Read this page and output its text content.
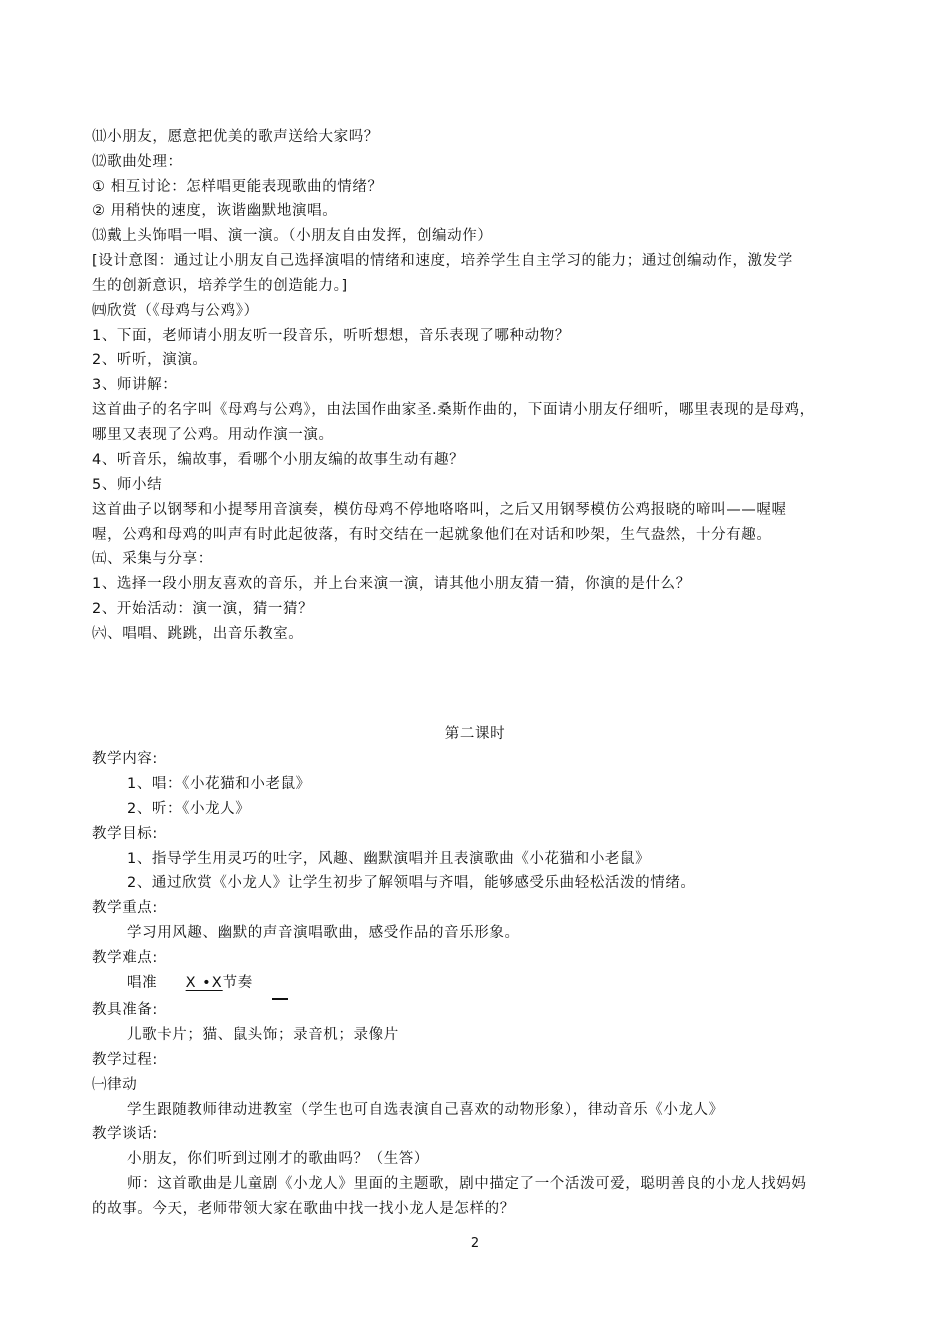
⑾小朋友，愿意把优美的歌声送给大家吗？
⑿歌曲处理：
① 相互讨论：怎样唱更能表现歌曲的情绪？
② 用稍快的速度，诙谐幽默地演唱。
⒀戴上头饰唱一唱、演一演。（小朋友自由发挥，创编动作）
[设计意图：通过让小朋友自己选择演唱的情绪和速度，培养学生自主学习的能力；通过创编动作，激发学
生的创新意识，培养学生的创造能力。]
㈣欣赏（《母鸡与公鸡》）
1、下面，老师请小朋友听一段音乐，听听想想，音乐表现了哪种动物？
2、听听，演演。
3、师讲解：
这首曲子的名字叫《母鸡与公鸡》，由法国作曲家圣.桑斯作曲的，下面请小朋友仔细听，哪里表现的是母鸡，
哪里又表现了公鸡。用动作演一演。
4、听音乐，编故事，看哪个小朋友编的故事生动有趣？
5、师小结
这首曲子以钢琴和小提琴用音演奏，模仿母鸡不停地咯咯叫，之后又用钢琴模仿公鸡报晓的啼叫——喔喔
喔，公鸡和母鸡的叫声有时此起彼落，有时交结在一起就象他们在对话和吵架，生气盎然，十分有趣。
㈤、采集与分享：
1、选择一段小朋友喜欢的音乐，并上台来演一演，请其他小朋友猜一猜，你演的是什么？
2、开始活动：演一演，猜一猜？
㈥、唱唱、跳跳，出音乐教室。
第二课时
教学内容:
1、唱：《小花猫和小老鼠》
2、听：《小龙人》
教学目标:
1、指导学生用灵巧的吐字，风趣、幽默演唱并且表演歌曲《小花猫和小老鼠》
2、通过欣赏《小龙人》让学生初步了解领唱与齐唱，能够感受乐曲轻松活泼的情绪。
教学重点:
学习用风趣、幽默的声音演唱歌曲，感受作品的音乐形象。
教学难点:
唱准 X •X节奏
教具准备:
儿歌卡片；猫、鼠头饰；录音机；录像片
教学过程:
㈠律动
学生跟随教师律动进教室（学生也可自选表演自己喜欢的动物形象），律动音乐《小龙人》
教学谈话:
小朋友，你们听到过刚才的歌曲吗？（生答）
师：这首歌曲是儿童剧《小龙人》里面的主题歌，剧中描定了一个活泼可爱，聪明善良的小龙人找妈妈
的故事。今天，老师带领大家在歌曲中找一找小龙人是怎样的？
2
